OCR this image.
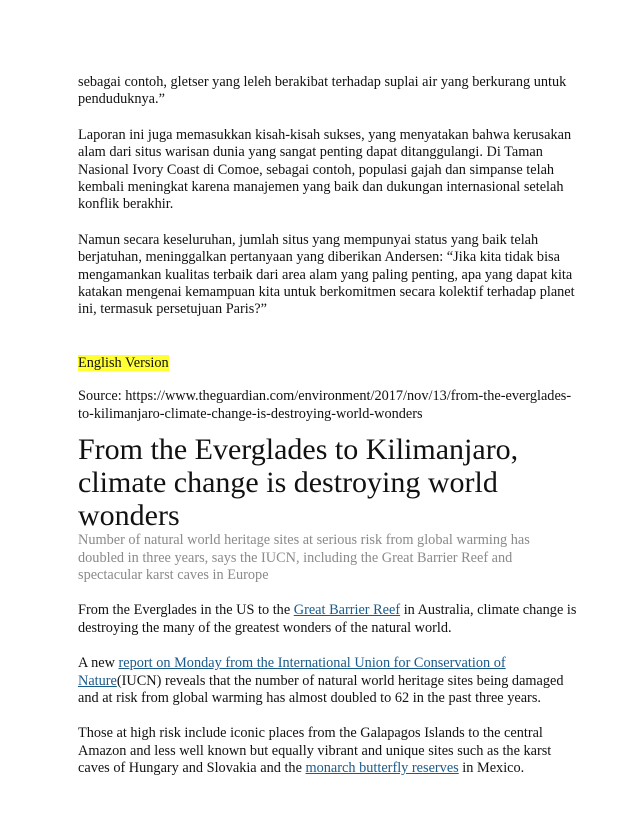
sebagai contoh, gletser yang leleh berakibat terhadap suplai air yang berkurang untuk penduduknya.”

Laporan ini juga memasukkan kisah-kisah sukses, yang menyatakan bahwa kerusakan alam dari situs warisan dunia yang sangat penting dapat ditanggulangi. Di Taman Nasional Ivory Coast di Comoe, sebagai contoh, populasi gajah dan simpanse telah kembali meningkat karena manajemen yang baik dan dukungan internasional setelah konflik berakhir.

Namun secara keseluruhan, jumlah situs yang mempunyai status yang baik telah berjatuhan, meninggalkan pertanyaan yang diberikan Andersen: “Jika kita tidak bisa mengamankan kualitas terbaik dari area alam yang paling penting, apa yang dapat kita katakan mengenai kemampuan kita untuk berkomitmen secara kolektif terhadap planet ini, termasuk persetujuan Paris?”

English Version

Source: https://www.theguardian.com/environment/2017/nov/13/from-the-everglades-to-kilimanjaro-climate-change-is-destroying-world-wonders

From the Everglades to Kilimanjaro, climate change is destroying world wonders

Number of natural world heritage sites at serious risk from global warming has doubled in three years, says the IUCN, including the Great Barrier Reef and spectacular karst caves in Europe

From the Everglades in the US to the Great Barrier Reef in Australia, climate change is destroying the many of the greatest wonders of the natural world.

A new report on Monday from the International Union for Conservation of Nature(IUCN) reveals that the number of natural world heritage sites being damaged and at risk from global warming has almost doubled to 62 in the past three years.

Those at high risk include iconic places from the Galapagos Islands to the central Amazon and less well known but equally vibrant and unique sites such as the karst caves of Hungary and Slovakia and the monarch butterfly reserves in Mexico.
